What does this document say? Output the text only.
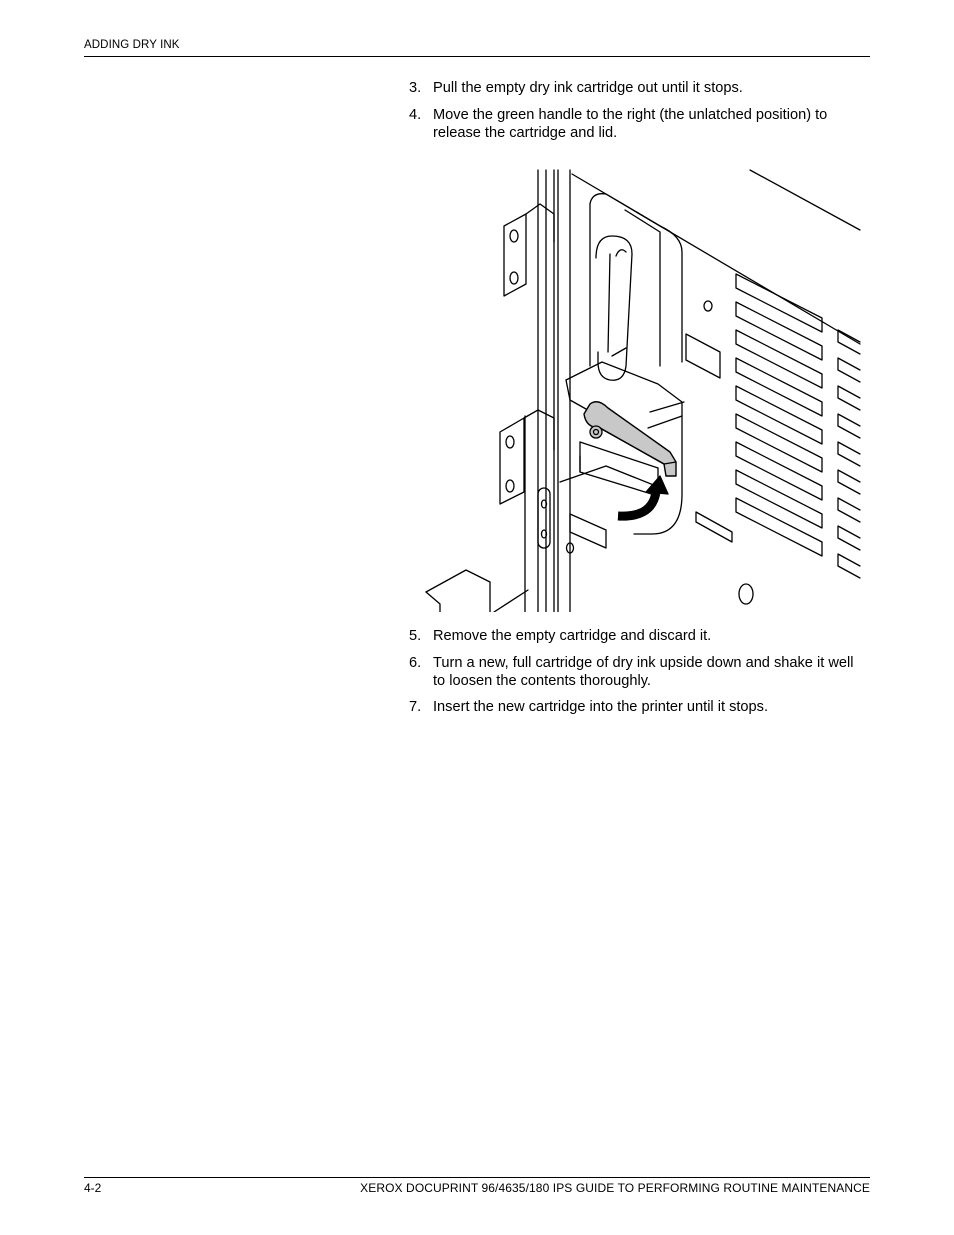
ADDING DRY INK
3. Pull the empty dry ink cartridge out until it stops.
4. Move the green handle to the right (the unlatched position) to release the cartridge and lid.
5. Remove the empty cartridge and discard it.
6. Turn a new, full cartridge of dry ink upside down and shake it well to loosen the contents thoroughly.
7. Insert the new cartridge into the printer until it stops.
4-2	XEROX DOCUPRINT 96/4635/180 IPS GUIDE TO PERFORMING ROUTINE MAINTENANCE
